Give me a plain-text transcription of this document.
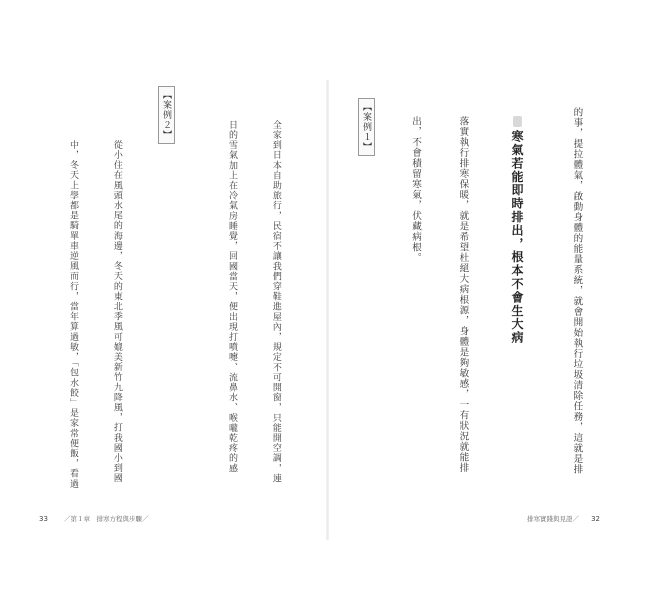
【案例２】

從小住在風頭水尾的海邊，冬天的東北季風可媲美新竹九降風，打我國小到國

中，冬天上學都是騎單車逆風而行，當年算過敏，「包水餃」是家常便飯，看過

33 ／第１章　排寒方程與步驟／

的事，提拉體氣，啟動身體的能量系統，就會開始執行垃圾清除任務，這就是排

寒氣若能即時排出，根本不會生大病

落實執行排寒保暖，就是希望杜絕大病根源，身體是夠敏感，一有狀況就能排

出，不會積留寒氣，伏藏病根。

【案例１】

全家到日本自助旅行，民宿不讓我們穿鞋進屋內，規定不可開窗，只能開空調，連

日的雪氣加上在冷氣房睡覺，回國當天，便出現打噴嚏、流鼻水、喉嚨乾疼的感

排寒實踐與見證／ 32
